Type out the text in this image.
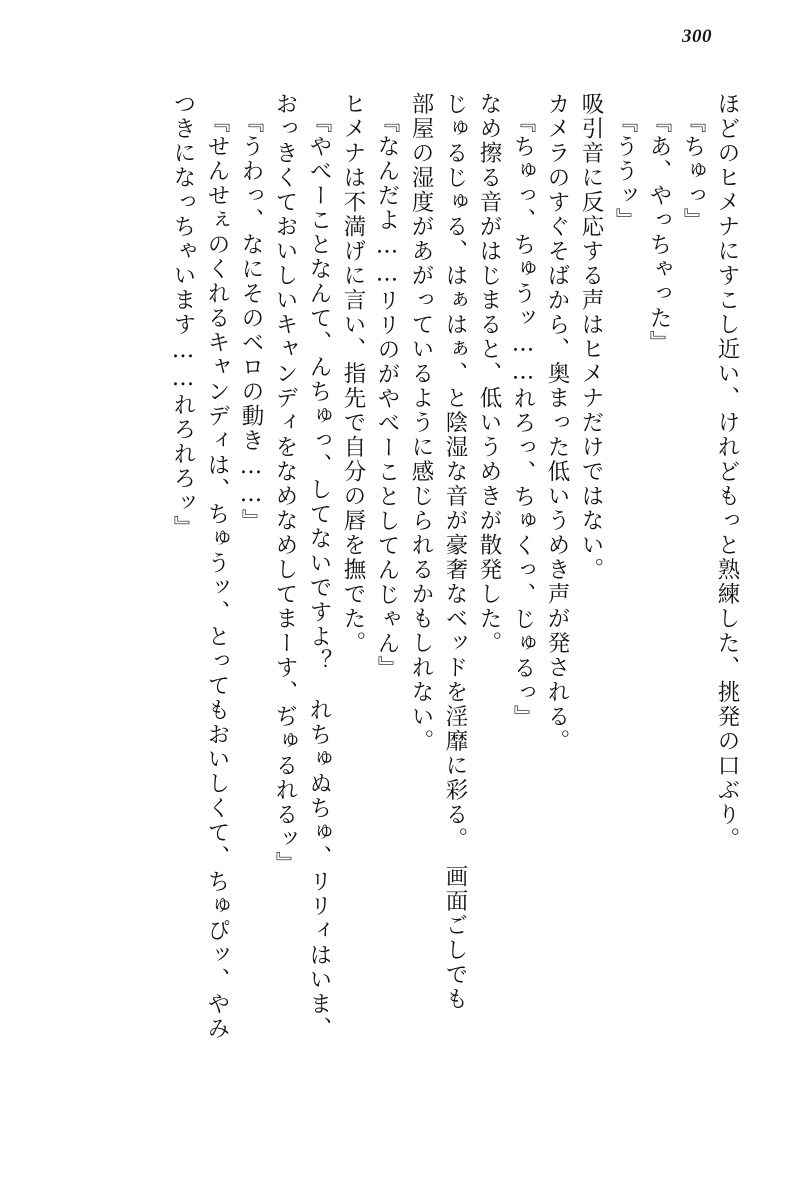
300
ほどのヒメナにすこし近い、けれどもっと熟練した、挑発の口ぶり。
『ちゅっ』
『あ、やっちゃった』
『ううッ』
吸引音に反応する声はヒメナだけではない。
カメラのすぐそばから、奥まった低いうめき声が発される。
『ちゅっ、ちゅうッ……れろっ、ちゅくっ、じゅるっ』
なめ擦る音がはじまると、低いうめきが散発した。
じゅるじゅる、はぁはぁ、と陰湿な音が豪奢なベッドを淫靡に彩る。　画面ごしでも
部屋の湿度があがっているように感じられるかもしれない。
『なんだよ……リリのがやべーことしてんじゃん』
ヒメナは不満げに言い、指先で自分の唇を撫でた。
『やべーことなんて、んちゅっ、してないですよ？　れちゅぬちゅ、リリィはいま、
おっきくておいしいキャンディをなめなめしてまーす、ぢゅるれるッ』
『うわっ、なにそのベロの動き……』
『せんせぇのくれるキャンディは、ちゅうッ、とってもおいしくて、ちゅぴッ、やみ
つきになっちゃいます……れろれろッ』
